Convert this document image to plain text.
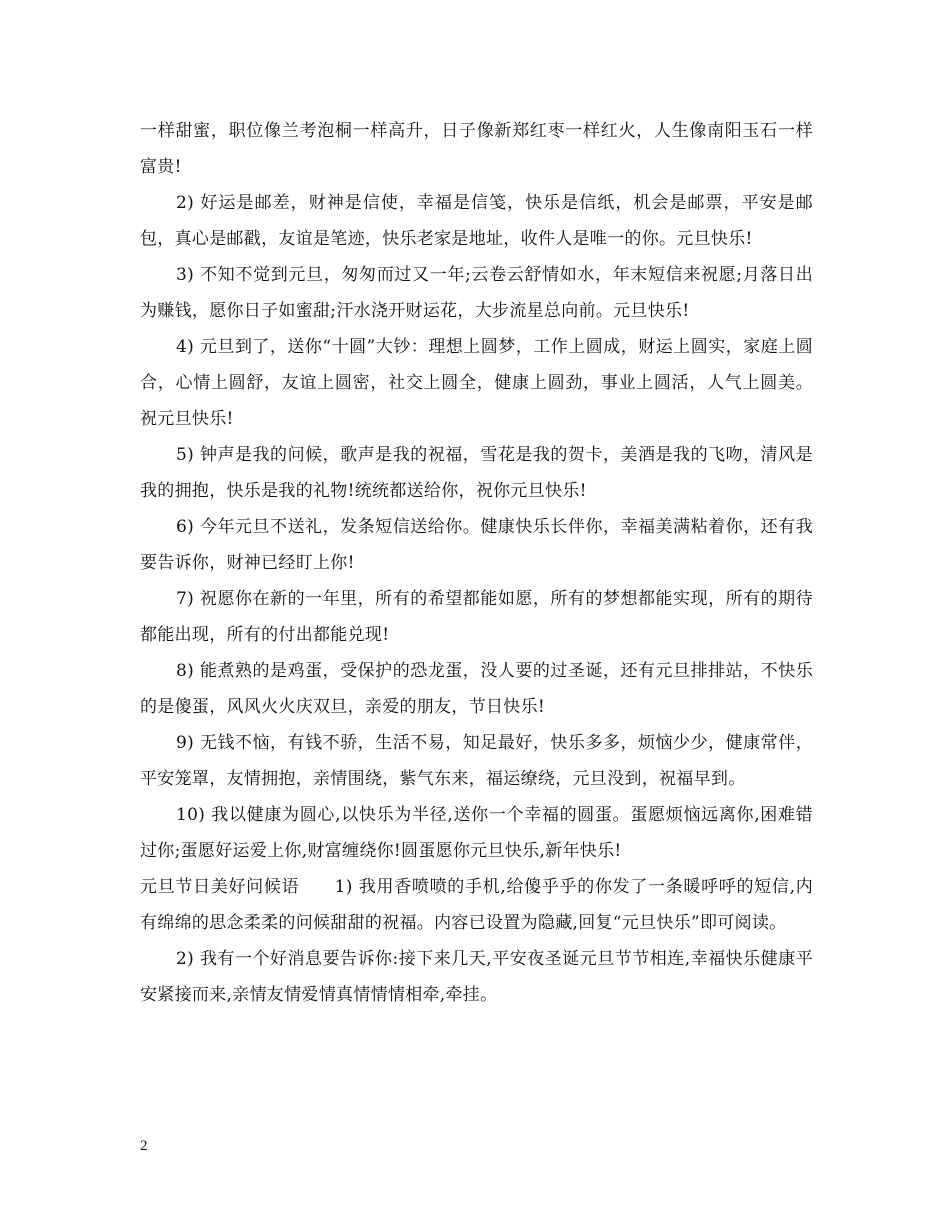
一样甜蜜，职位像兰考泡桐一样高升，日子像新郑红枣一样红火，人生像南阳玉石一样富贵!

2) 好运是邮差，财神是信使，幸福是信笺，快乐是信纸，机会是邮票，平安是邮包，真心是邮戳，友谊是笔迹，快乐老家是地址，收件人是唯一的你。元旦快乐!

3) 不知不觉到元旦，匆匆而过又一年;云卷云舒情如水，年末短信来祝愿;月落日出为赚钱，愿你日子如蜜甜;汗水浇开财运花，大步流星总向前。元旦快乐!

4) 元旦到了，送你“十圆”大钞：理想上圆梦，工作上圆成，财运上圆实，家庭上圆合，心情上圆舒，友谊上圆密，社交上圆全，健康上圆劲，事业上圆活，人气上圆美。祝元旦快乐!

5) 钟声是我的问候，歌声是我的祝福，雪花是我的贺卡，美酒是我的飞吻，清风是我的拥抱，快乐是我的礼物!统统都送给你，祝你元旦快乐!

6) 今年元旦不送礼，发条短信送给你。健康快乐长伴你，幸福美满粘着你，还有我要告诉你，财神已经盯上你!

7) 祝愿你在新的一年里，所有的希望都能如愿，所有的梦想都能实现，所有的期待都能出现，所有的付出都能兑现!

8) 能煮熟的是鸡蛋，受保护的恐龙蛋，没人要的过圣诞，还有元旦排排站，不快乐的是傻蛋，风风火火庆双旦，亲爱的朋友，节日快乐!

9) 无钱不恼，有钱不骄，生活不易，知足最好，快乐多多，烦恼少少，健康常伴，平安笼罩，友情拥抱，亲情围绕，紫气东来，福运缭绕，元旦没到，祝福早到。

10) 我以健康为圆心,以快乐为半径,送你一个幸福的圆蛋。蛋愿烦恼远离你,困难错过你;蛋愿好运爱上你,财富缠绕你!圆蛋愿你元旦快乐,新年快乐!

元旦节日美好问候语　　1) 我用香喷喷的手机,给傻乎乎的你发了一条暖呼呼的短信,内有绵绵的思念柔柔的问候甜甜的祝福。内容已设置为隐藏,回复“元旦快乐”即可阅读。

2) 我有一个好消息要告诉你:接下来几天,平安夜圣诞元旦节节相连,幸福快乐健康平安紧接而来,亲情友情爱情真情情情相牵,牵挂。

2
